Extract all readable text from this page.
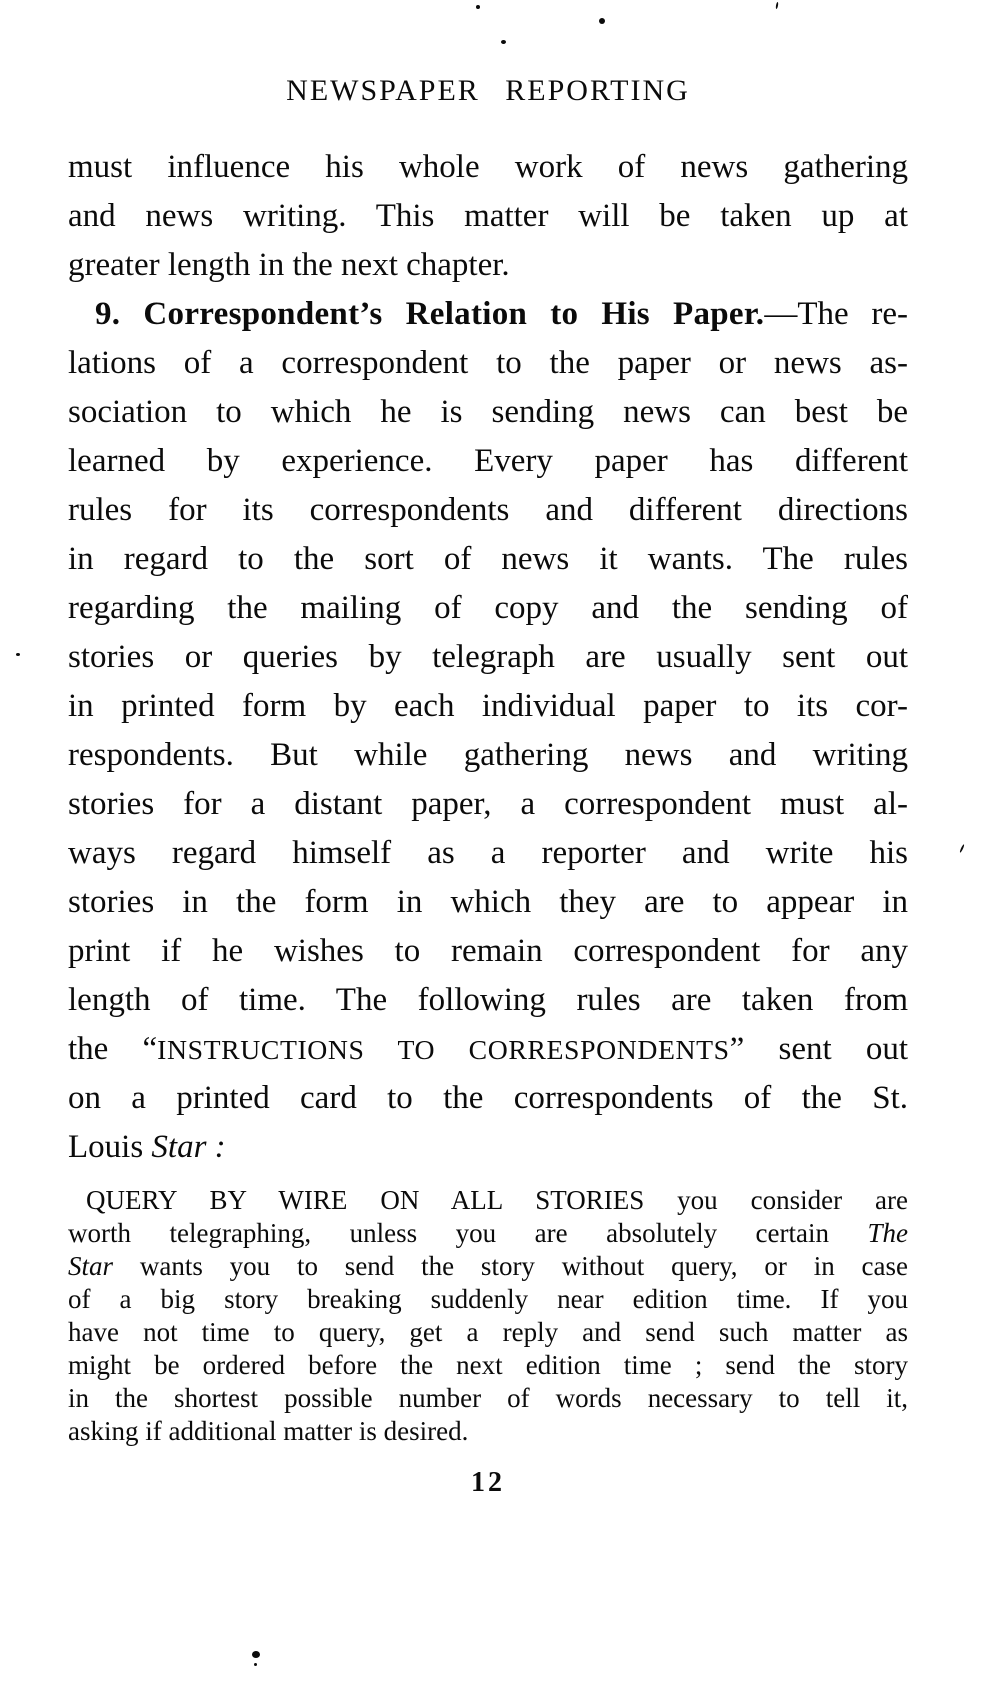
NEWSPAPER REPORTING
must influence his whole work of news gathering
and news writing. This matter will be taken up at
greater length in the next chapter.
9. Correspondent’s Relation to His Paper.—The re-
lations of a correspondent to the paper or news as-
sociation to which he is sending news can best be
learned by experience. Every paper has different
rules for its correspondents and different directions
in regard to the sort of news it wants. The rules
regarding the mailing of copy and the sending of
stories or queries by telegraph are usually sent out
in printed form by each individual paper to its cor-
respondents. But while gathering news and writing
stories for a distant paper, a correspondent must al-
ways regard himself as a reporter and write his
stories in the form in which they are to appear in
print if he wishes to remain correspondent for any
length of time. The following rules are taken from
the “INSTRUCTIONS TO CORRESPONDENTS” sent out
on a printed card to the correspondents of the St.
Louis Star :
QUERY BY WIRE ON ALL STORIES you consider are
worth telegraphing, unless you are absolutely certain The
Star wants you to send the story without query, or in case
of a big story breaking suddenly near edition time. If you
have not time to query, get a reply and send such matter as
might be ordered before the next edition time ; send the story
in the shortest possible number of words necessary to tell it,
asking if additional matter is desired.
12
